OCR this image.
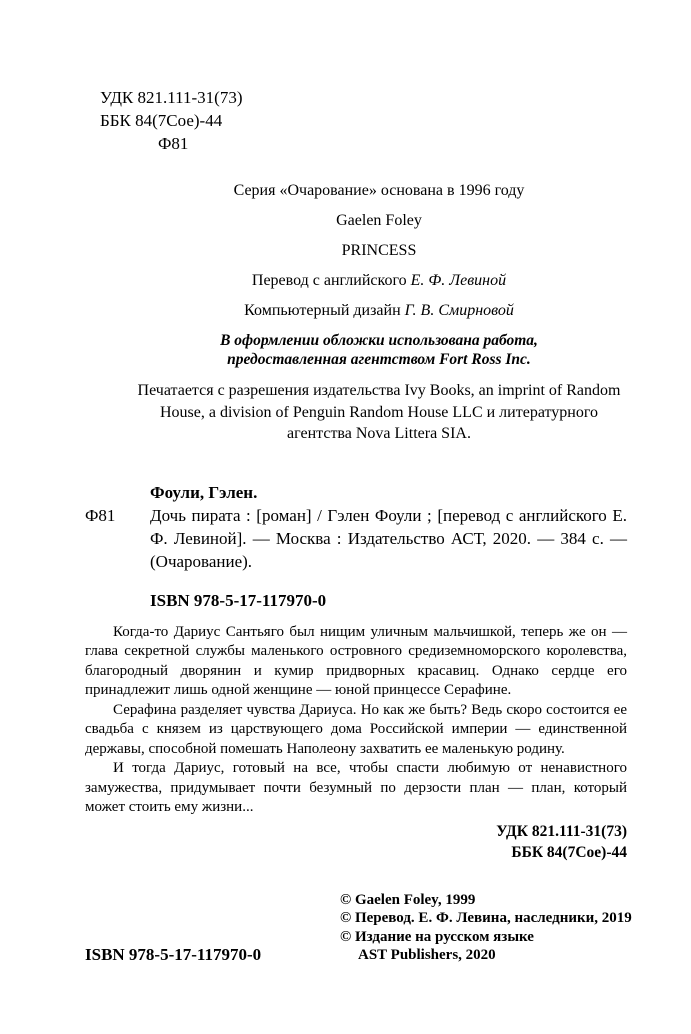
УДК 821.111-31(73)
ББК 84(7Сое)-44
Ф81
Серия «Очарование» основана в 1996 году
Gaelen Foley
PRINCESS
Перевод с английского Е. Ф. Левиной
Компьютерный дизайн Г. В. Смирновой
В оформлении обложки использована работа,
предоставленная агентством Fort Ross Inc.
Печатается с разрешения издательства Ivy Books, an imprint of Random House, a division of Penguin Random House LLC и литературного агентства Nova Littera SIA.
Фоули, Гэлен.
Ф81 Дочь пирата : [роман] / Гэлен Фоули ; [перевод с английского Е. Ф. Левиной]. — Москва : Издательство АСТ, 2020. — 384 с. — (Очарование).
ISBN 978-5-17-117970-0

Когда-то Дариус Сантьяго был нищим уличным мальчишкой, теперь же он — глава секретной службы маленького островного средиземноморского королевства, благородный дворянин и кумир придворных красавиц. Однако сердце его принадлежит лишь одной женщине — юной принцессе Серафине.

Серафина разделяет чувства Дариуса. Но как же быть? Ведь скоро состоится ее свадьба с князем из царствующего дома Российской империи — единственной державы, способной помешать Наполеону захватить ее маленькую родину.

И тогда Дариус, готовый на все, чтобы спасти любимую от ненавистного замужества, придумывает почти безумный по дерзости план — план, который может стоить ему жизни...

УДК 821.111-31(73)
ББК 84(7Сое)-44
© Gaelen Foley, 1999
© Перевод. Е. Ф. Левина, наследники, 2019
© Издание на русском языке
AST Publishers, 2020
ISBN 978-5-17-117970-0
